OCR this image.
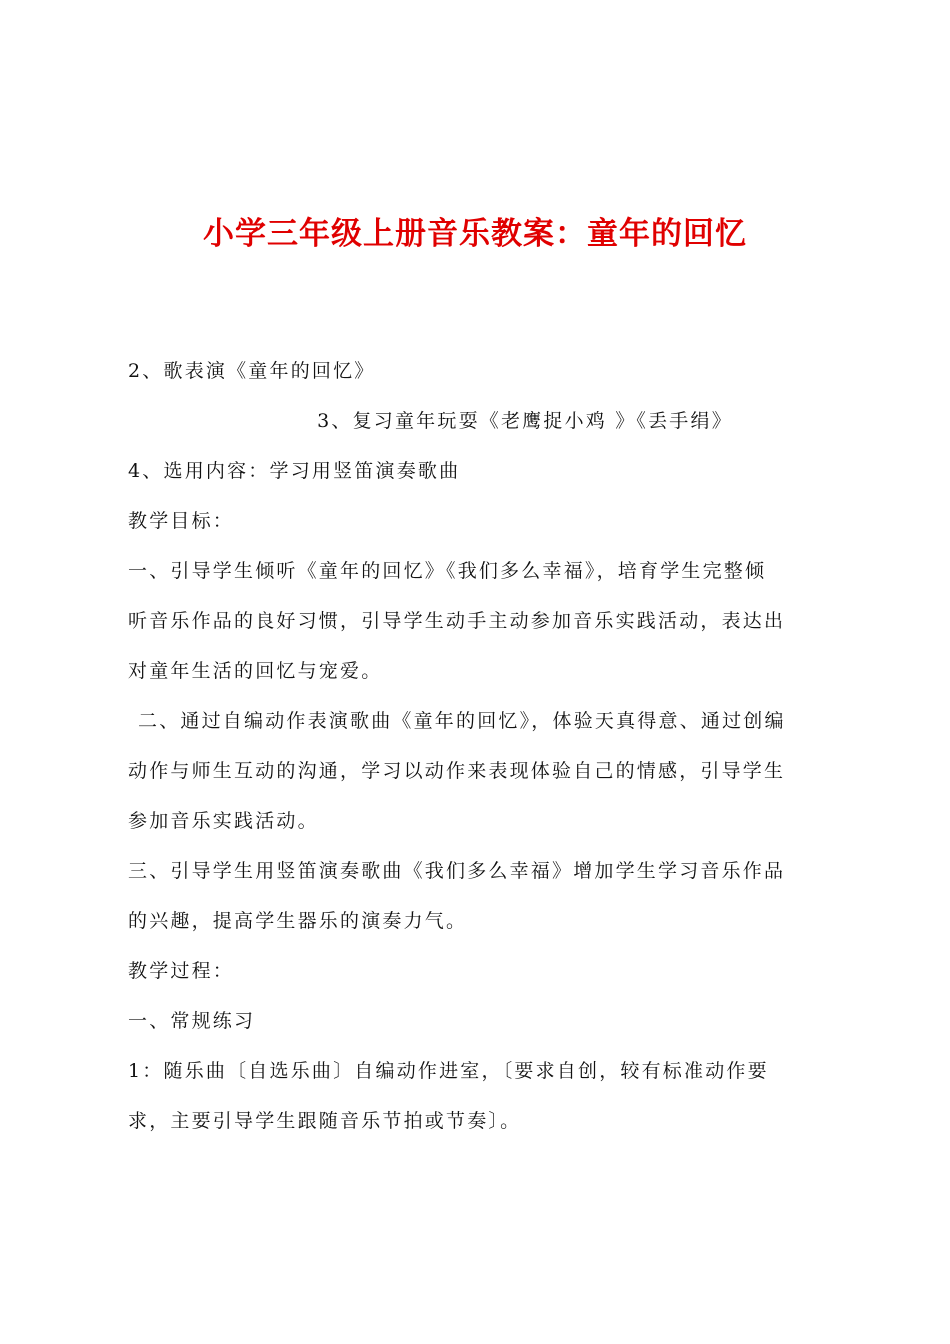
小学三年级上册音乐教案：童年的回忆
2、歌表演《童年的回忆》
3、复习童年玩耍《老鹰捉小鸡 》《丢手绢》
4、选用内容：学习用竖笛演奏歌曲
教学目标：
一、引导学生倾听《童年的回忆》《我们多么幸福》，培育学生完整倾
听音乐作品的良好习惯，引导学生动手主动参加音乐实践活动，表达出
对童年生活的回忆与宠爱。
二、通过自编动作表演歌曲《童年的回忆》，体验天真得意、通过创编
动作与师生互动的沟通，学习以动作来表现体验自己的情感，引导学生
参加音乐实践活动。
三、引导学生用竖笛演奏歌曲《我们多么幸福》增加学生学习音乐作品
的兴趣，提高学生器乐的演奏力气。
教学过程：
一、常规练习
1：随乐曲〔自选乐曲〕自编动作进室，〔要求自创，较有标准动作要
求，主要引导学生跟随音乐节拍或节奏〕。
